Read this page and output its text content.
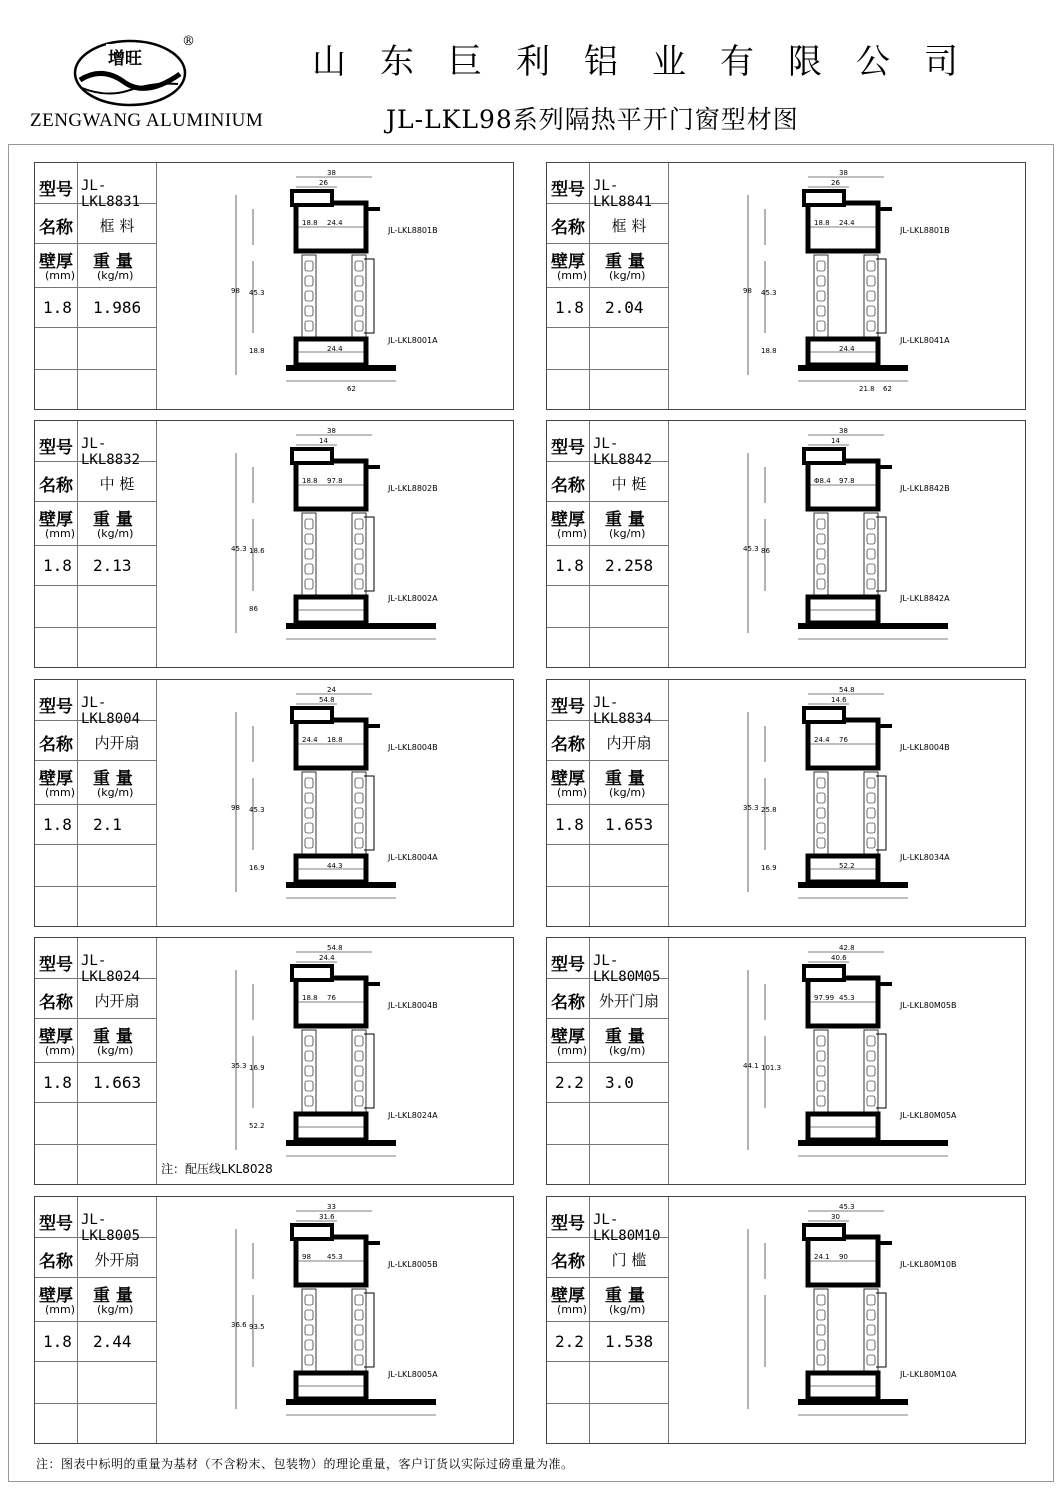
增旺
®
ZENGWANG ALUMINIUM
山东巨利铝业有限公司
JL-LKL98系列隔热平开门窗型材图
型号 JL-LKL8831
名称	框 料
壁厚
(mm)
重 量
(kg/m)
1.8 1.986
38
26
18.8 24.4
98 45.3
18.8	24.4
62
JL-LKL8801B
JL-LKL8001A
型号 JL-LKL8841
名称	框 料
壁厚
(mm)
重 量
(kg/m)
1.8 2.04
38
26
18.8 24.4
98 45.3
18.8	24.4
21.8 62
JL-LKL8801B
JL-LKL8041A
型号 JL-LKL8832
名称	中 梃
壁厚
(mm)
重 量
(kg/m)
1.8 2.13
38
14
18.8 97.8
45.3 18.6
86
JL-LKL8802B
JL-LKL8002A
型号 JL-LKL8842
名称	中 梃
壁厚
(mm)
重 量
(kg/m)
1.8 2.258
38
14
Φ8.4 97.8
45.3 86
JL-LKL8842B
JL-LKL8842A
型号 JL-LKL8004
名称	内开扇
壁厚
(mm)
重 量
(kg/m)
1.8 2.1
24
54.8
24.4 18.8
98 45.3
16.9	44.3
JL-LKL8004B
JL-LKL8004A
型号 JL-LKL8834
名称	内开扇
壁厚
(mm)
重 量
(kg/m)
1.8 1.653
54.8
14.6
24.4 76
35.3 25.8
16.9	52.2
JL-LKL8004B
JL-LKL8034A
型号 JL-LKL8024
名称	内开扇
壁厚
(mm)
重 量
(kg/m)
1.8 1.663
54.8
24.4
18.8 76
35.3 16.9
52.2
JL-LKL8004B
JL-LKL8024A
注：配压线LKL8028
型号 JL-LKL80M05
名称 外开门扇
壁厚
(mm)
重 量
(kg/m)
2.2 3.0
42.8
40.6
97.99 45.3
44.1 101.3
JL-LKL80M05B
JL-LKL80M05A
型号 JL-LKL8005
名称	外开扇
壁厚
(mm)
重 量
(kg/m)
1.8 2.44
33
31.6
98 45.3
36.6 93.5
JL-LKL8005B
JL-LKL8005A
型号 JL-LKL80M10
名称	门 槛
壁厚
(mm)
重 量
(kg/m)
2.2 1.538
45.3
30
24.1 90
JL-LKL80M10B
JL-LKL80M10A
注：图表中标明的重量为基材（不含粉末、包装物）的理论重量，客户订货以实际过磅重量为准。
